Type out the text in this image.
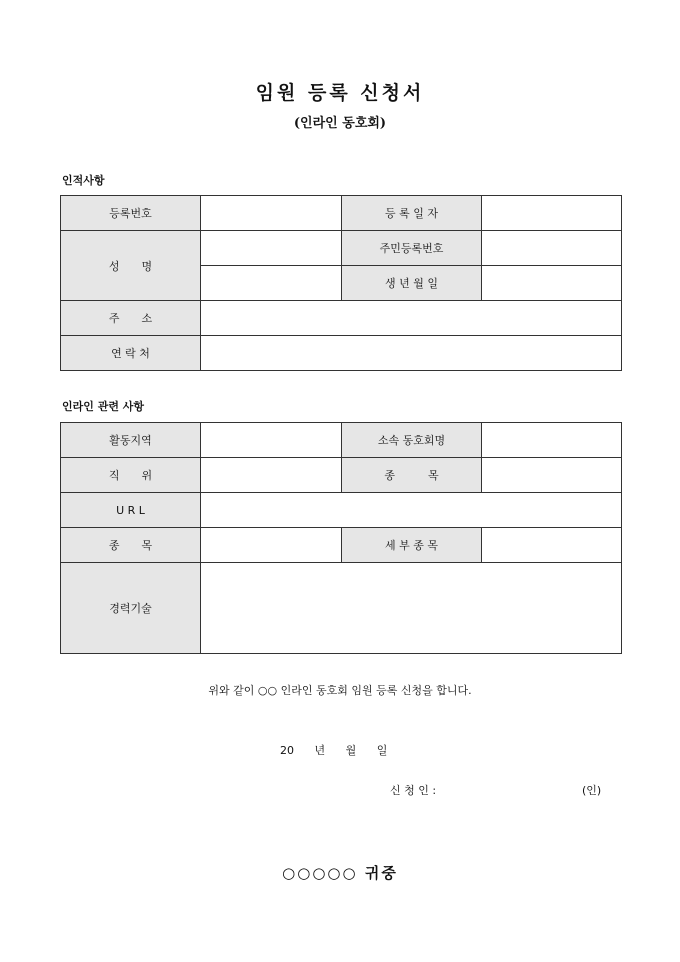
임원 등록 신청서
(인라인 동호회)
인적사항
등록번호		등 록 일 자	
성　　명		주민등록번호	
		생 년 월 일	
주　　소			
연 락 처			
인라인 관련 사항
활동지역		소속 동호회명	
직　　위		종　　　목	
U R L			
종　　목		세 부 종 목	
경력기술			
위와 같이 ○○ 인라인 동호회 임원 등록 신청을 합니다.
20　 년　 월　 일
신 청 인 :	(인)
○○○○○ 귀중
